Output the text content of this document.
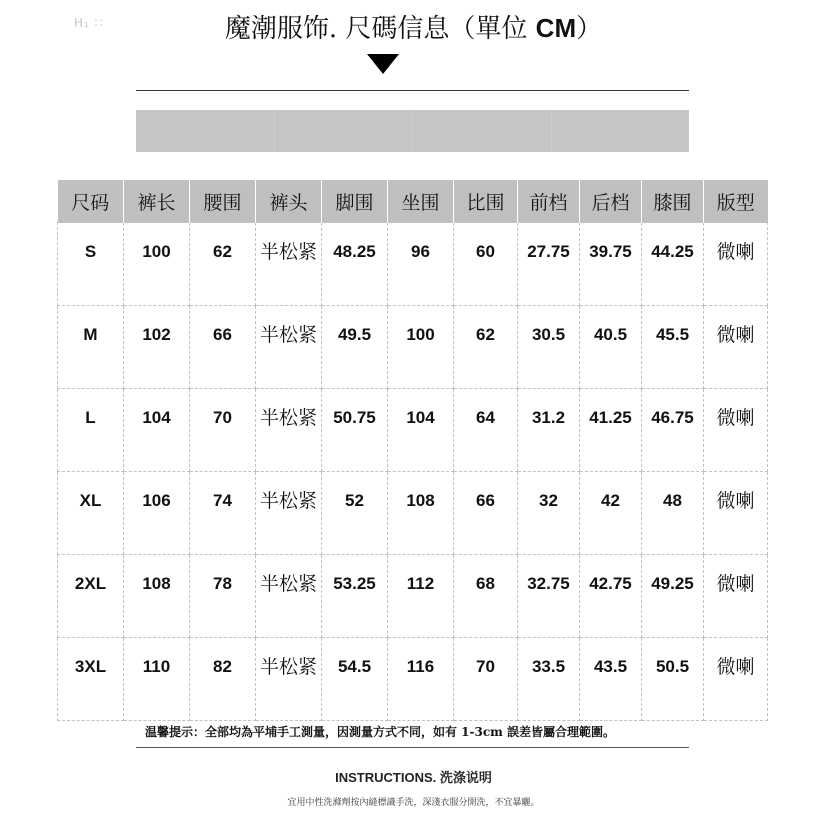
H₁ ∷	魔潮服饰. 尺碼信息（單位 CM）
尺码	裤长	腰围	裤头	脚围	坐围	比围	前档	后档	膝围	版型
S	100	62	半松紧	48.25	96	60	27.75	39.75	44.25	微喇
M	102	66	半松紧	49.5	100	62	30.5	40.5	45.5	微喇
L	104	70	半松紧	50.75	104	64	31.2	41.25	46.75	微喇
XL	106	74	半松紧	52	108	66	32	42	48	微喇
2XL	108	78	半松紧	53.25	112	68	32.75	42.75	49.25	微喇
3XL	110	82	半松紧	54.5	116	70	33.5	43.5	50.5	微喇
温馨提示：全部均為平埔手工測量，因測量方式不同，如有 1-3cm 誤差皆屬合理範圍。
INSTRUCTIONS. 洗涤说明
宜用中性洗滌劑按內縫標識手洗，深淺衣服分開洗，不宜暴曬。
